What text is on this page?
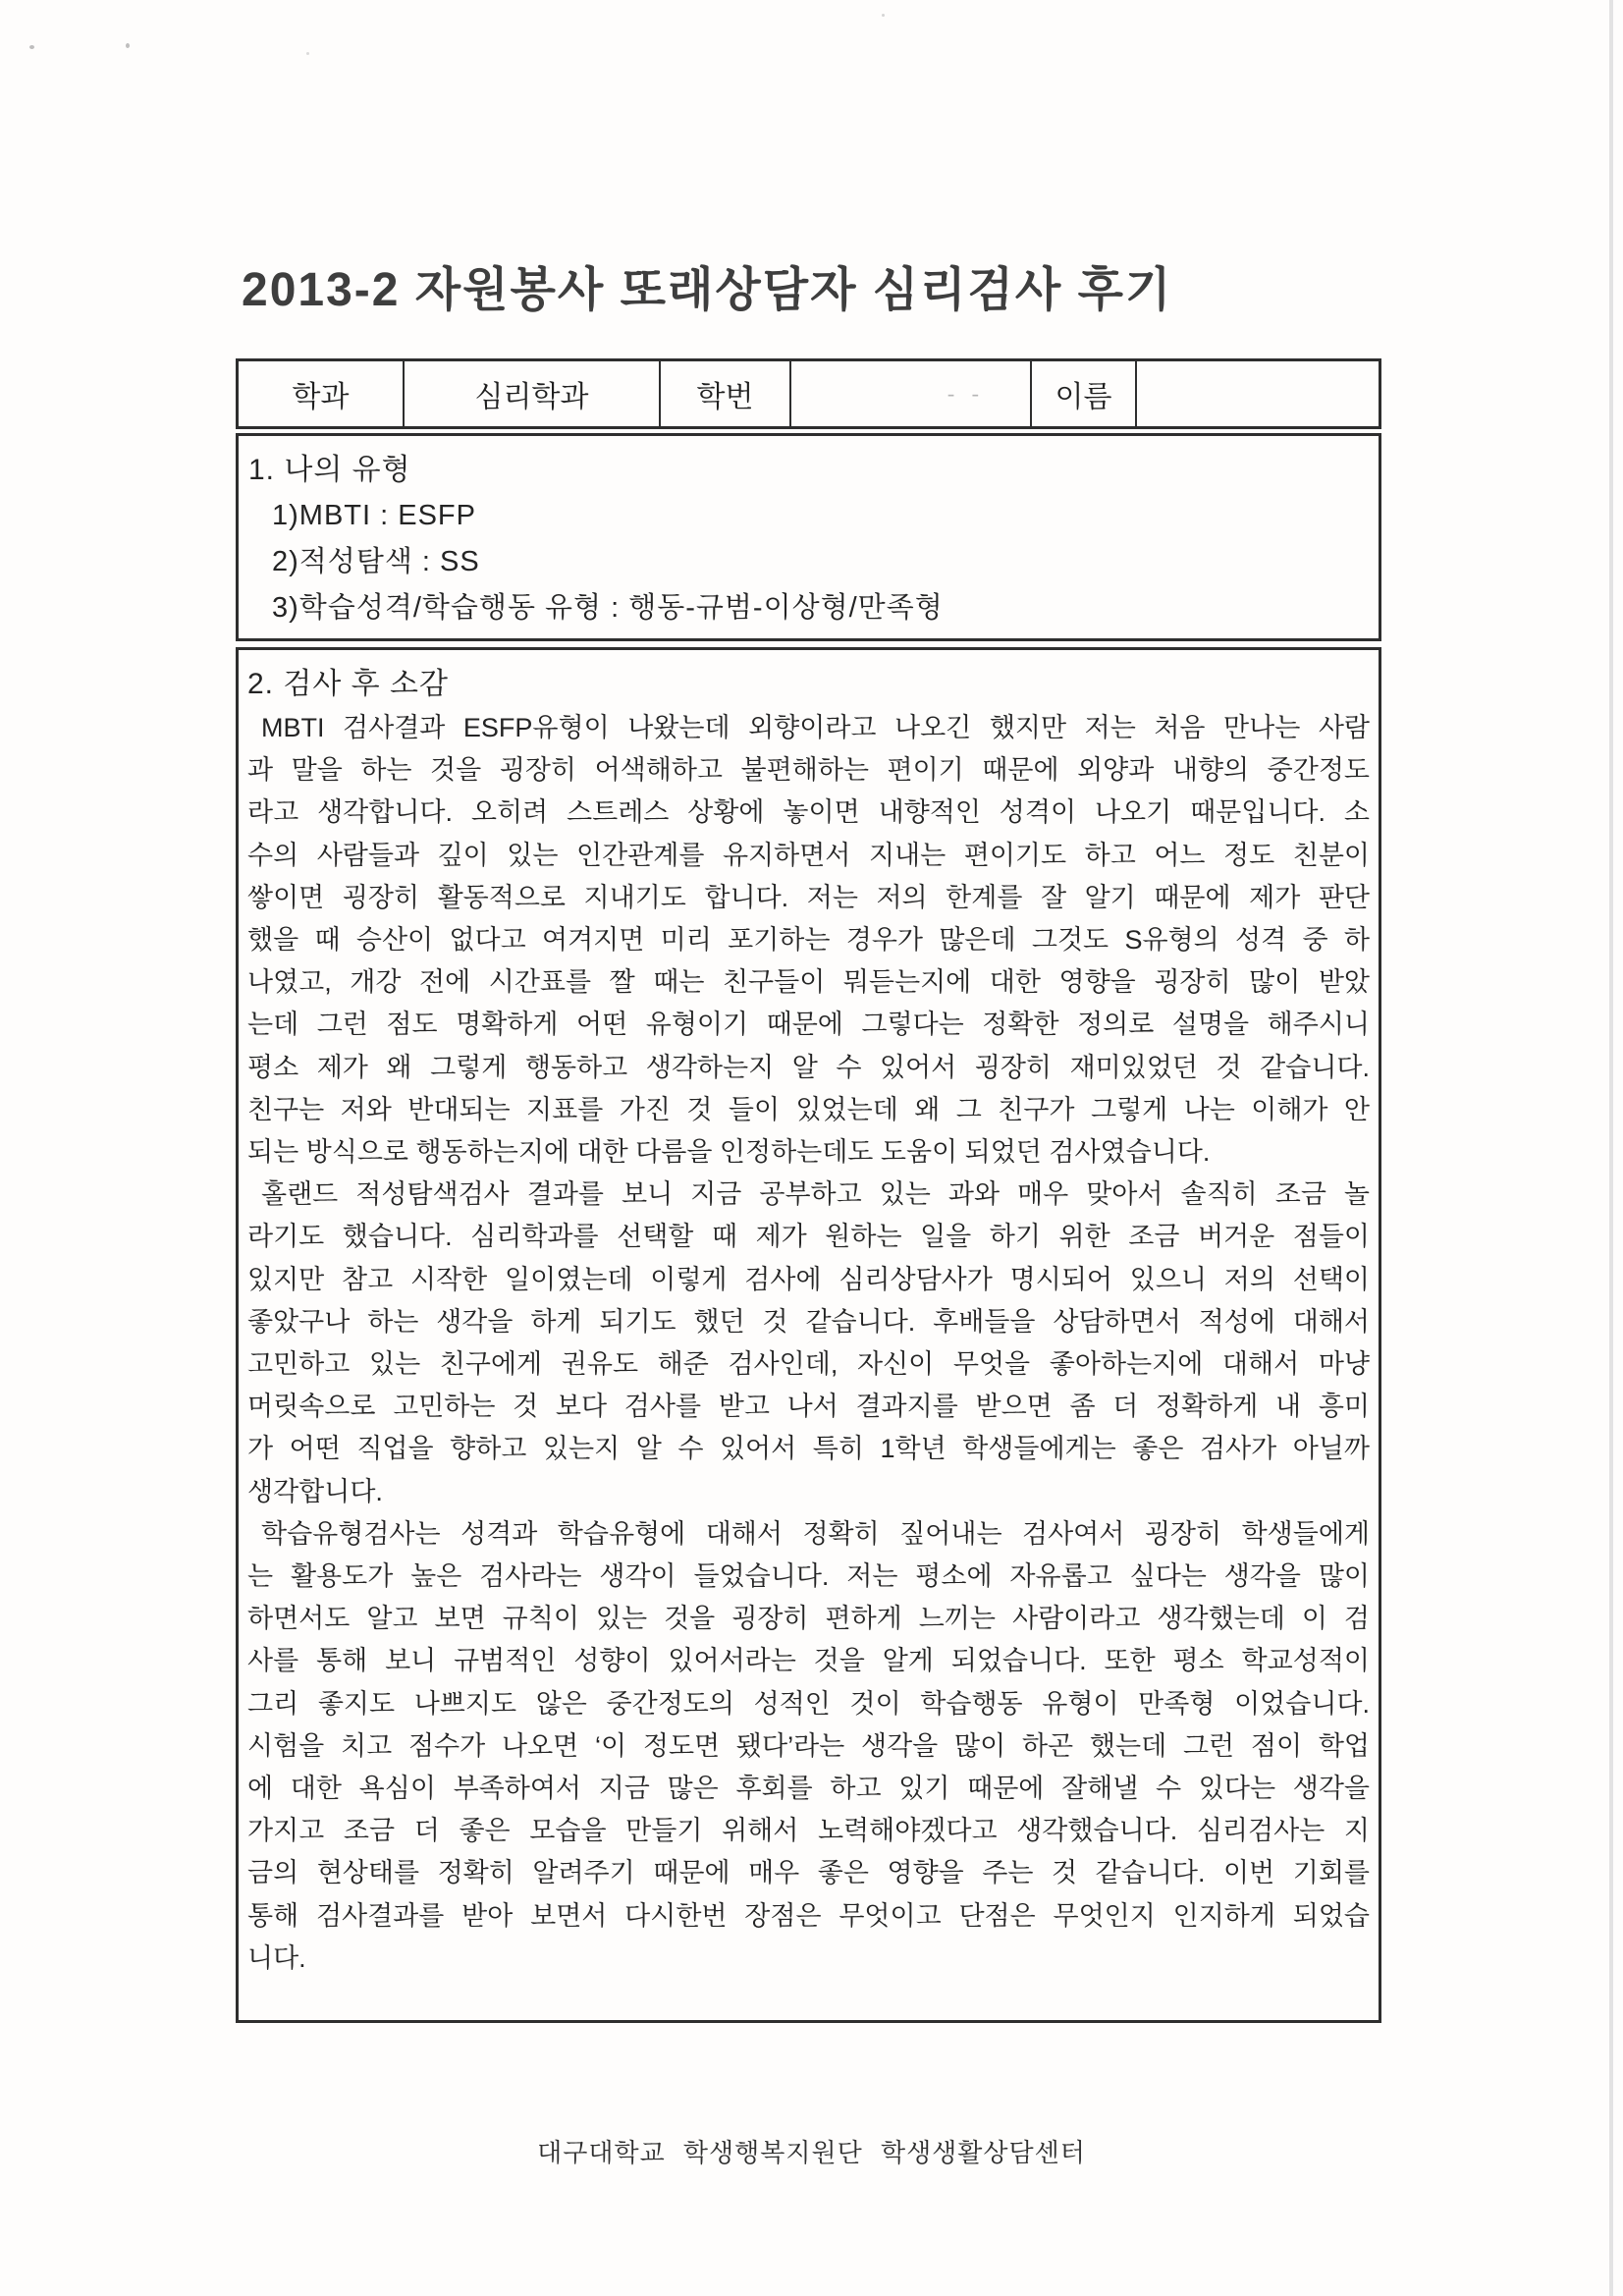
2013-2 자원봉사 또래상담자 심리검사 후기
학과	심리학과	학번	- -	이름
1. 나의 유형
1)MBTI : ESFP
2)적성탐색 : SS
3)학습성격/학습행동 유형 : 행동-규범-이상형/만족형
2. 검사 후 소감
MBTI 검사결과 ESFP유형이 나왔는데 외향이라고 나오긴 했지만 저는 처음 만나는 사람
과 말을 하는 것을 굉장히 어색해하고 불편해하는 편이기 때문에 외양과 내향의 중간정도
라고 생각합니다. 오히려 스트레스 상황에 놓이면 내향적인 성격이 나오기 때문입니다. 소
수의 사람들과 깊이 있는 인간관계를 유지하면서 지내는 편이기도 하고 어느 정도 친분이
쌓이면 굉장히 활동적으로 지내기도 합니다. 저는 저의 한계를 잘 알기 때문에 제가 판단
했을 때 승산이 없다고 여겨지면 미리 포기하는 경우가 많은데 그것도 S유형의 성격 중 하
나였고, 개강 전에 시간표를 짤 때는 친구들이 뭐듣는지에 대한 영향을 굉장히 많이 받았
는데 그런 점도 명확하게 어떤 유형이기 때문에 그렇다는 정확한 정의로 설명을 해주시니
평소 제가 왜 그렇게 행동하고 생각하는지 알 수 있어서 굉장히 재미있었던 것 같습니다.
친구는 저와 반대되는 지표를 가진 것 들이 있었는데 왜 그 친구가 그렇게 나는 이해가 안
되는 방식으로 행동하는지에 대한 다름을 인정하는데도 도움이 되었던 검사였습니다.
홀랜드 적성탐색검사 결과를 보니 지금 공부하고 있는 과와 매우 맞아서 솔직히 조금 놀
라기도 했습니다. 심리학과를 선택할 때 제가 원하는 일을 하기 위한 조금 버거운 점들이
있지만 참고 시작한 일이였는데 이렇게 검사에 심리상담사가 명시되어 있으니 저의 선택이
좋았구나 하는 생각을 하게 되기도 했던 것 같습니다. 후배들을 상담하면서 적성에 대해서
고민하고 있는 친구에게 권유도 해준 검사인데, 자신이 무엇을 좋아하는지에 대해서 마냥
머릿속으로 고민하는 것 보다 검사를 받고 나서 결과지를 받으면 좀 더 정확하게 내 흥미
가 어떤 직업을 향하고 있는지 알 수 있어서 특히 1학년 학생들에게는 좋은 검사가 아닐까
생각합니다.
학습유형검사는 성격과 학습유형에 대해서 정확히 짚어내는 검사여서 굉장히 학생들에게
는 활용도가 높은 검사라는 생각이 들었습니다. 저는 평소에 자유롭고 싶다는 생각을 많이
하면서도 알고 보면 규칙이 있는 것을 굉장히 편하게 느끼는 사람이라고 생각했는데 이 검
사를 통해 보니 규범적인 성향이 있어서라는 것을 알게 되었습니다. 또한 평소 학교성적이
그리 좋지도 나쁘지도 않은 중간정도의 성적인 것이 학습행동 유형이 만족형 이었습니다.
시험을 치고 점수가 나오면 ‘이 정도면 됐다’라는 생각을 많이 하곤 했는데 그런 점이 학업
에 대한 욕심이 부족하여서 지금 많은 후회를 하고 있기 때문에 잘해낼 수 있다는 생각을
가지고 조금 더 좋은 모습을 만들기 위해서 노력해야겠다고 생각했습니다. 심리검사는 지
금의 현상태를 정확히 알려주기 때문에 매우 좋은 영향을 주는 것 같습니다. 이번 기회를
통해 검사결과를 받아 보면서 다시한번 장점은 무엇이고 단점은 무엇인지 인지하게 되었습
니다.
대구대학교 학생행복지원단 학생생활상담센터
